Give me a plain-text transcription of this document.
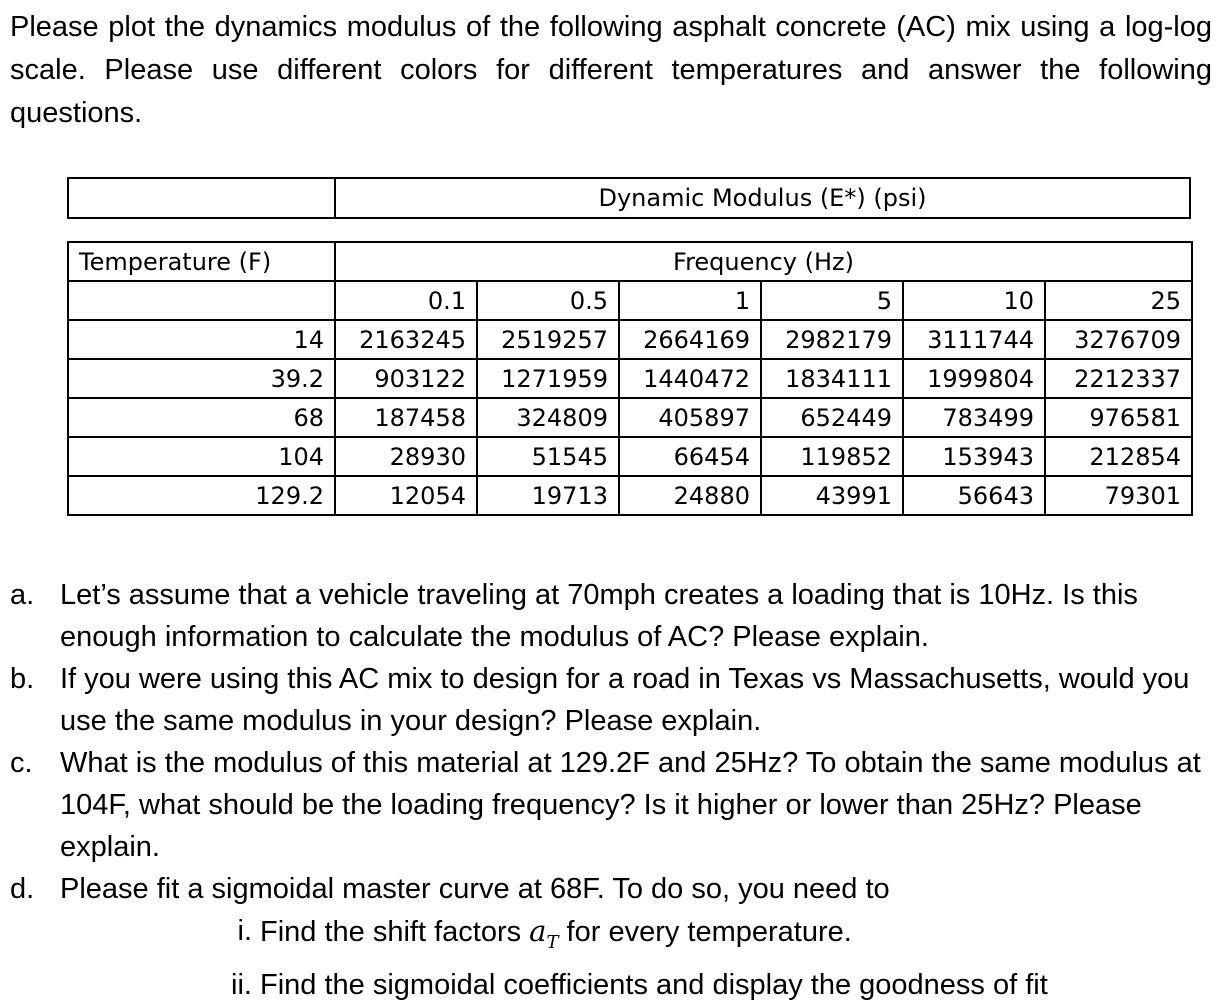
Please plot the dynamics modulus of the following asphalt concrete (AC) mix using a log-log scale. Please use different colors for different temperatures and answer the following questions.
	Dynamic Modulus (E*) (psi)
Temperature (F)	Frequency (Hz)					
	0.1	0.5	1	5	10	25
14	2163245	2519257	2664169	2982179	3111744	3276709
39.2	903122	1271959	1440472	1834111	1999804	2212337
68	187458	324809	405897	652449	783499	976581
104	28930	51545	66454	119852	153943	212854
129.2	12054	19713	24880	43991	56643	79301
a. Let’s assume that a vehicle traveling at 70mph creates a loading that is 10Hz. Is this enough information to calculate the modulus of AC? Please explain.
b. If you were using this AC mix to design for a road in Texas vs Massachusetts, would you use the same modulus in your design? Please explain.
c. What is the modulus of this material at 129.2F and 25Hz? To obtain the same modulus at 104F, what should be the loading frequency? Is it higher or lower than 25Hz? Please explain.
d. Please fit a sigmoidal master curve at 68F. To do so, you need to
i. Find the shift factors $a_T$ for every temperature.
ii. Find the sigmoidal coefficients and display the goodness of fit
